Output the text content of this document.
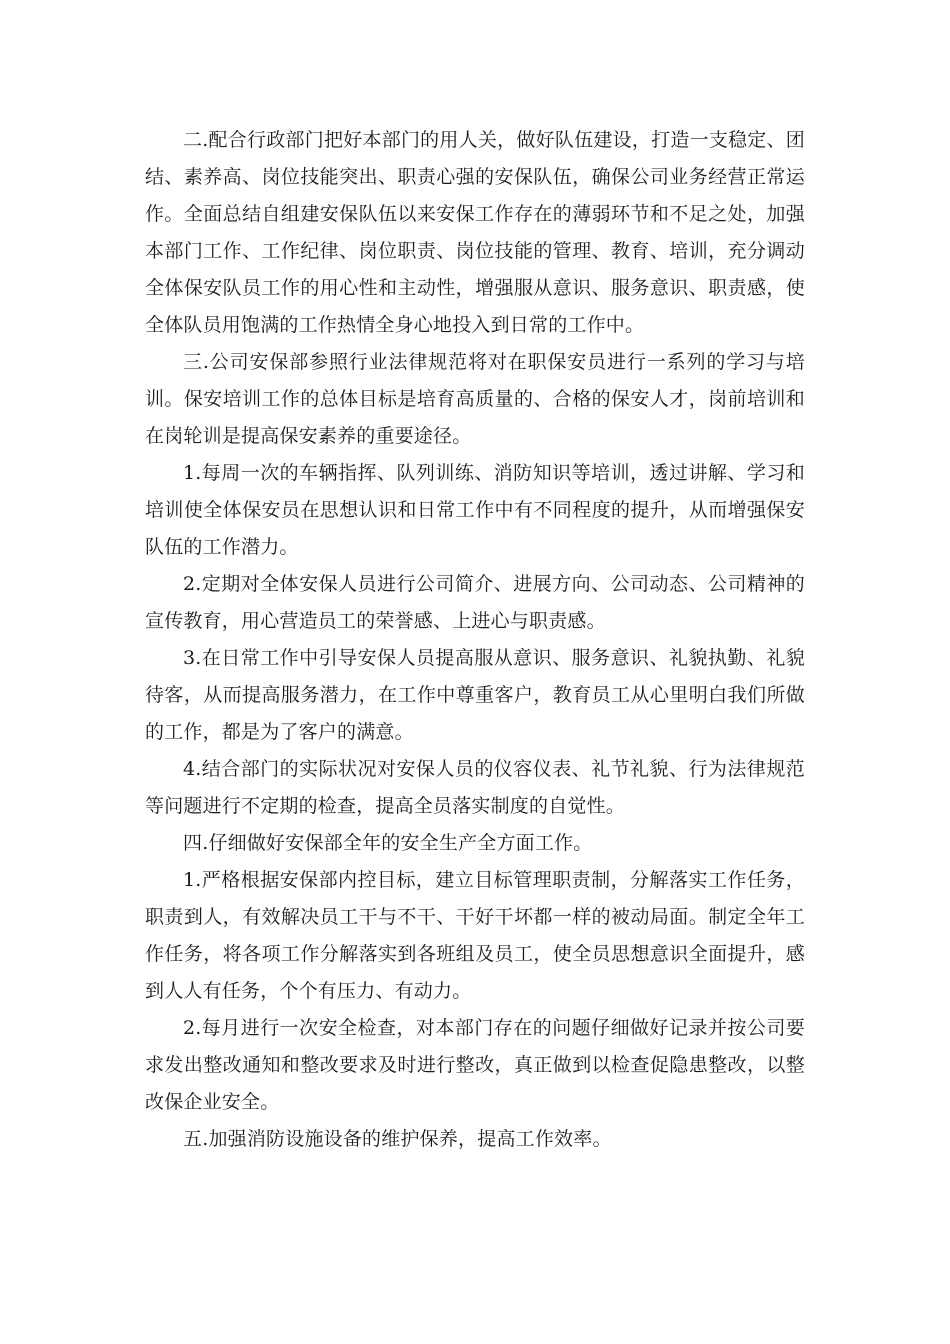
二.配合行政部门把好本部门的用人关，做好队伍建设，打造一支稳定、团结、素养高、岗位技能突出、职责心强的安保队伍，确保公司业务经营正常运作。全面总结自组建安保队伍以来安保工作存在的薄弱环节和不足之处，加强本部门工作、工作纪律、岗位职责、岗位技能的管理、教育、培训，充分调动全体保安队员工作的用心性和主动性，增强服从意识、服务意识、职责感，使全体队员用饱满的工作热情全身心地投入到日常的工作中。

三.公司安保部参照行业法律规范将对在职保安员进行一系列的学习与培训。保安培训工作的总体目标是培育高质量的、合格的保安人才，岗前培训和在岗轮训是提高保安素养的重要途径。

1.每周一次的车辆指挥、队列训练、消防知识等培训，透过讲解、学习和培训使全体保安员在思想认识和日常工作中有不同程度的提升，从而增强保安队伍的工作潜力。

2.定期对全体安保人员进行公司简介、进展方向、公司动态、公司精神的宣传教育，用心营造员工的荣誉感、上进心与职责感。

3.在日常工作中引导安保人员提高服从意识、服务意识、礼貌执勤、礼貌待客，从而提高服务潜力，在工作中尊重客户，教育员工从心里明白我们所做的工作，都是为了客户的满意。

4.结合部门的实际状况对安保人员的仪容仪表、礼节礼貌、行为法律规范等问题进行不定期的检查，提高全员落实制度的自觉性。

四.仔细做好安保部全年的安全生产全方面工作。

1.严格根据安保部内控目标，建立目标管理职责制，分解落实工作任务，职责到人，有效解决员工干与不干、干好干坏都一样的被动局面。制定全年工作任务，将各项工作分解落实到各班组及员工，使全员思想意识全面提升，感到人人有任务，个个有压力、有动力。

2.每月进行一次安全检查，对本部门存在的问题仔细做好记录并按公司要求发出整改通知和整改要求及时进行整改，真正做到以检查促隐患整改，以整改保企业安全。

五.加强消防设施设备的维护保养，提高工作效率。
